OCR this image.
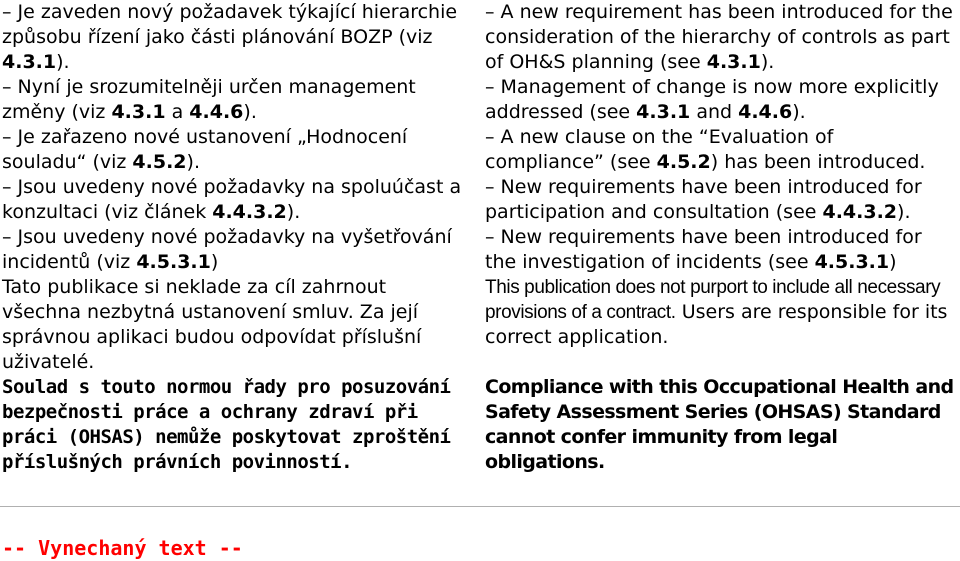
– Je zaveden nový požadavek týkající hierarchie způsobu řízení jako části plánování BOZP (viz 4.3.1).

– Nyní je srozumitelněji určen management změny (viz 4.3.1 a 4.4.6).

– Je zařazeno nové ustanovení „Hodnocení souladu“ (viz 4.5.2).

– Jsou uvedeny nové požadavky na spoluúčast a konzultaci (viz článek 4.4.3.2).

– Jsou uvedeny nové požadavky na vyšetřování incidentů (viz 4.5.3.1)

Tato publikace si neklade za cíl zahrnout všechna nezbytná ustanovení smluv. Za její správnou aplikaci budou odpovídat příslušní uživatelé.

Soulad s touto normou řady pro posuzování bezpečnosti práce a ochrany zdraví při práci (OHSAS) nemůže poskytovat zproštění příslušných právních povinností.

– A new requirement has been introduced for the consideration of the hierarchy of controls as part of OH&S planning (see 4.3.1).

– Management of change is now more explicitly addressed (see 4.3.1 and 4.4.6).

– A new clause on the “Evaluation of compliance” (see 4.5.2) has been introduced.

– New requirements have been introduced for participation and consultation (see 4.4.3.2).

– New requirements have been introduced for the investigation of incidents (see 4.5.3.1)

This publication does not purport to include all necessary provisions of a contract. Users are responsible for its correct application.

Compliance with this Occupational Health and Safety Assessment Series (OHSAS) Standard cannot confer immunity from legal obligations.

-- Vynechaný text --
